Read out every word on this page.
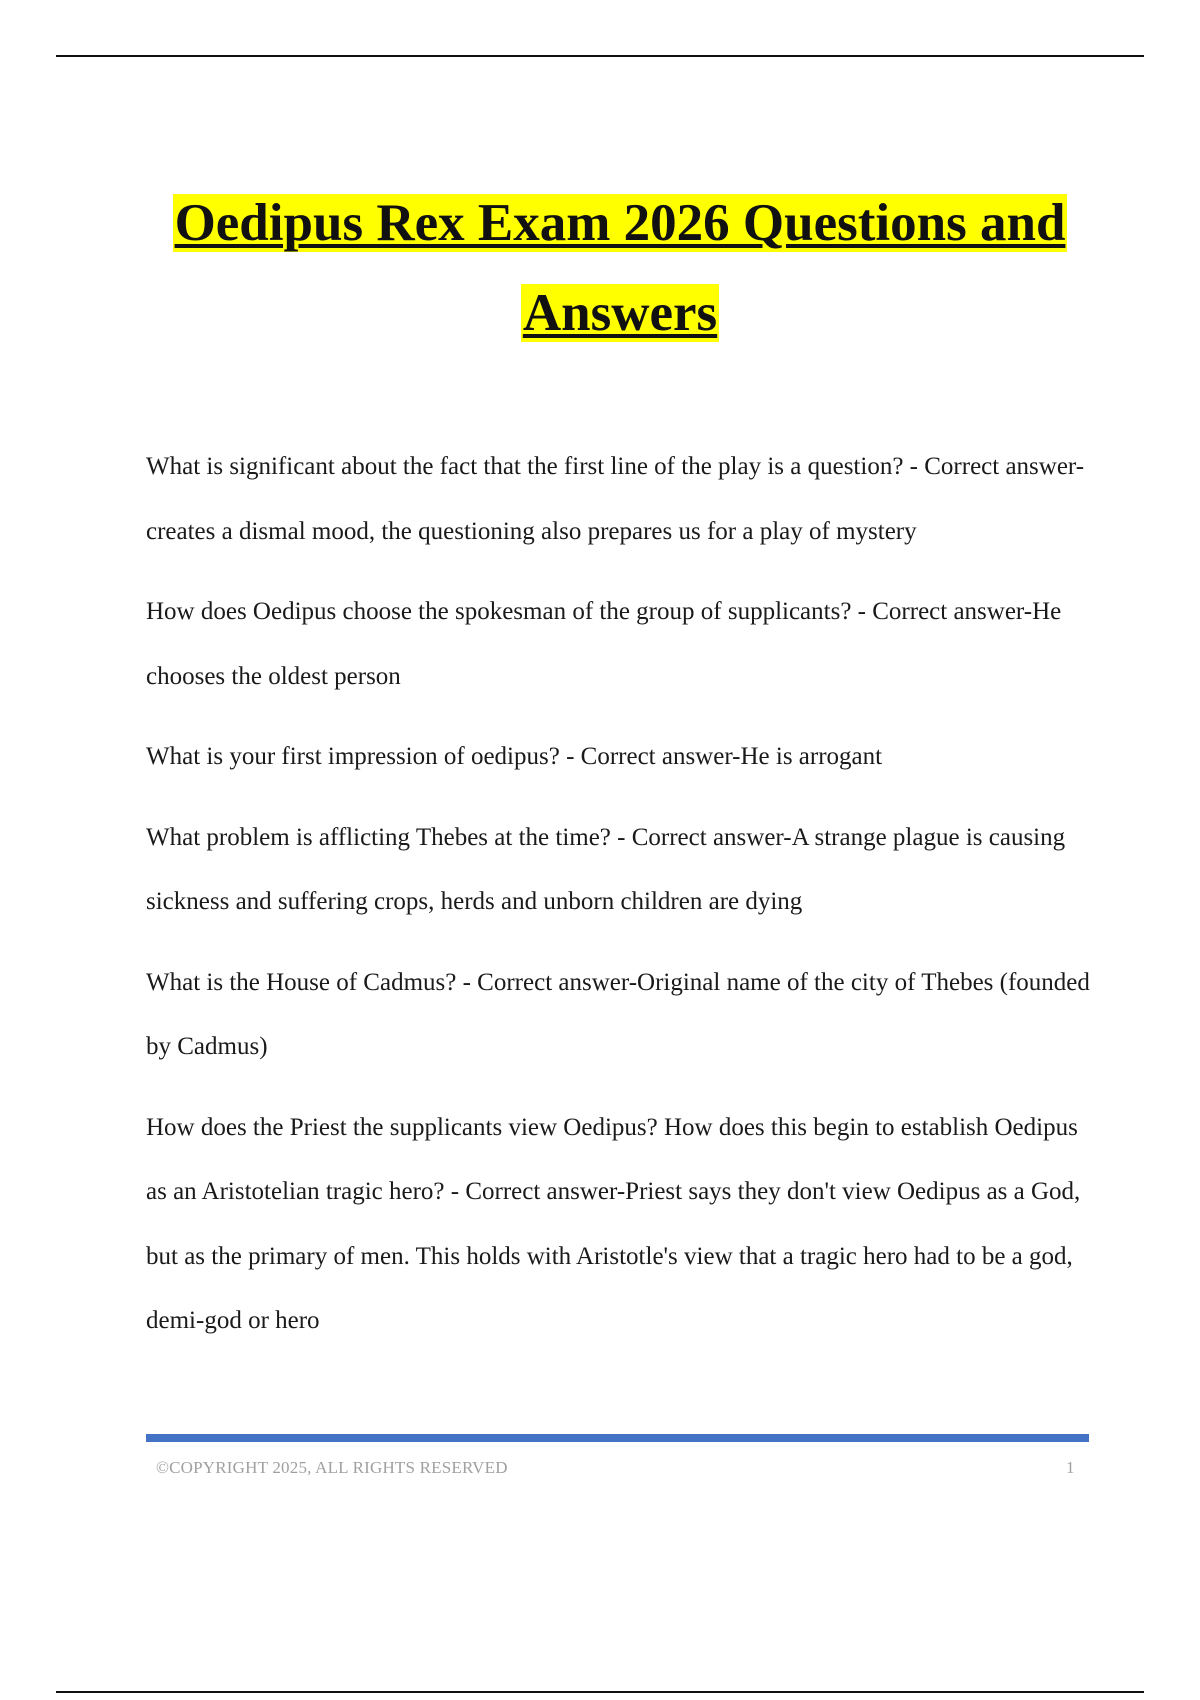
Oedipus Rex Exam 2026 Questions and
Answers

What is significant about the fact that the first line of the play is a question? - Correct answer-creates a dismal mood, the questioning also prepares us for a play of mystery

How does Oedipus choose the spokesman of the group of supplicants? - Correct answer-He chooses the oldest person

What is your first impression of oedipus? - Correct answer-He is arrogant

What problem is afflicting Thebes at the time? - Correct answer-A strange plague is causing sickness and suffering crops, herds and unborn children are dying

What is the House of Cadmus? - Correct answer-Original name of the city of Thebes (founded by Cadmus)

How does the Priest the supplicants view Oedipus? How does this begin to establish Oedipus as an Aristotelian tragic hero? - Correct answer-Priest says they don't view Oedipus as a God, but as the primary of men. This holds with Aristotle's view that a tragic hero had to be a god, demi-god or hero

©COPYRIGHT 2025, ALL RIGHTS RESERVED	1
